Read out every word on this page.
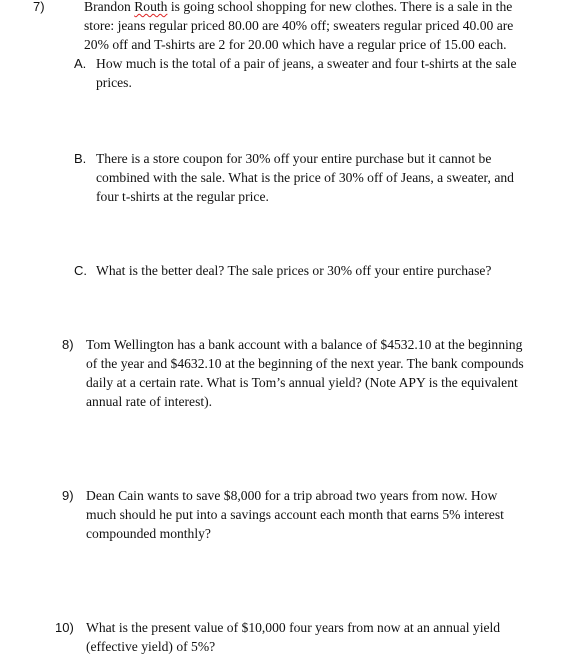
7)	Brandon Routh is going school shopping for new clothes. There is a sale in the
store: jeans regular priced 80.00 are 40% off; sweaters regular priced 40.00 are
20% off and T-shirts are 2 for 20.00 which have a regular price of 15.00 each.
A. How much is the total of a pair of jeans, a sweater and four t-shirts at the sale
prices.
B. There is a store coupon for 30% off your entire purchase but it cannot be
combined with the sale. What is the price of 30% off of Jeans, a sweater, and
four t-shirts at the regular price.
C. What is the better deal? The sale prices or 30% off your entire purchase?
8) Tom Wellington has a bank account with a balance of $4532.10 at the beginning
of the year and $4632.10 at the beginning of the next year. The bank compounds
daily at a certain rate. What is Tom’s annual yield? (Note APY is the equivalent
annual rate of interest).
9) Dean Cain wants to save $8,000 for a trip abroad two years from now. How
much should he put into a savings account each month that earns 5% interest
compounded monthly?
10) What is the present value of $10,000 four years from now at an annual yield
(effective yield) of 5%?
